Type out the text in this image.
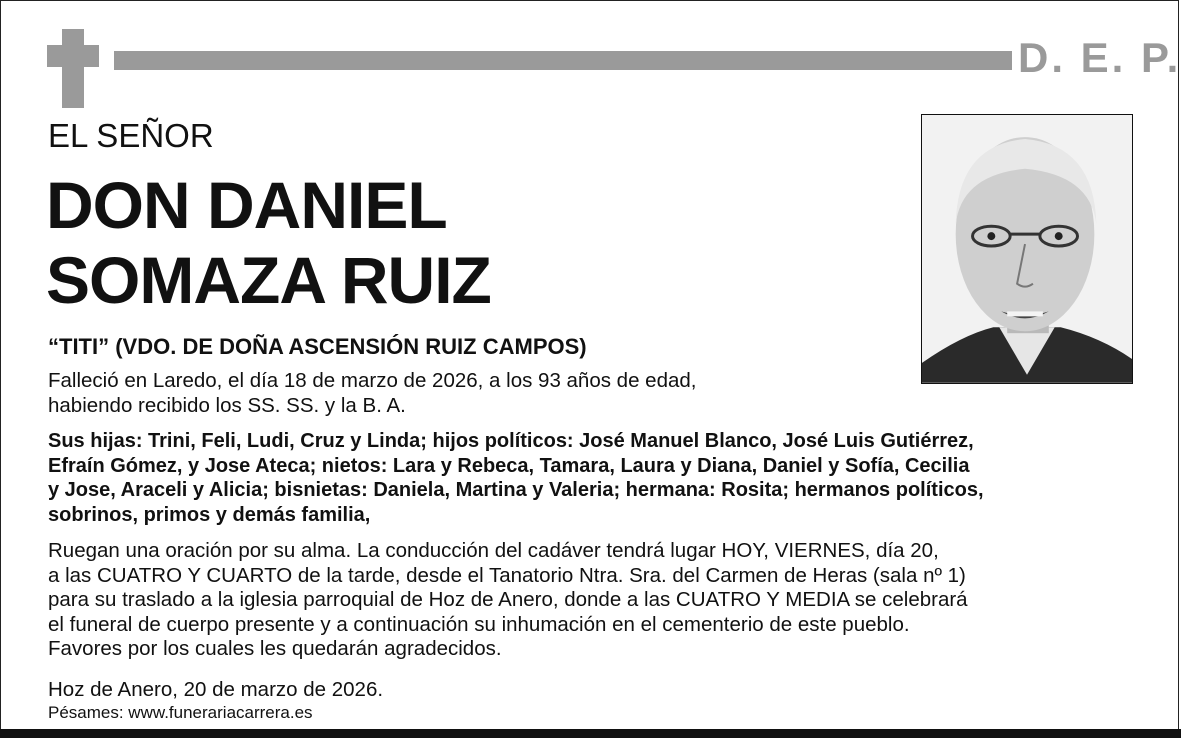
D. E. P.
EL SEÑOR
DON DANIEL
SOMAZA RUIZ
“TITI” (VDO. DE DOÑA ASCENSIÓN RUIZ CAMPOS)
Falleció en Laredo, el día 18 de marzo de 2026, a los 93 años de edad,
habiendo recibido los SS. SS. y la B. A.
Sus hijas: Trini, Feli, Ludi, Cruz y Linda; hijos políticos: José Manuel Blanco, José Luis Gutiérrez,
Efraín Gómez, y Jose Ateca; nietos: Lara y Rebeca, Tamara, Laura y Diana, Daniel y Sofía, Cecilia
y Jose, Araceli y Alicia; bisnietas: Daniela, Martina y Valeria; hermana: Rosita; hermanos políticos,
sobrinos, primos y demás familia,
Ruegan una oración por su alma. La conducción del cadáver tendrá lugar HOY, VIERNES, día 20,
a las CUATRO Y CUARTO de la tarde, desde el Tanatorio Ntra. Sra. del Carmen de Heras (sala nº 1)
para su traslado a la iglesia parroquial de Hoz de Anero, donde a las CUATRO Y MEDIA se celebrará
el funeral de cuerpo presente y a continuación su inhumación en el cementerio de este pueblo.
Favores por los cuales les quedarán agradecidos.
Hoz de Anero, 20 de marzo de 2026.
Pésames: www.funerariacarrera.es
